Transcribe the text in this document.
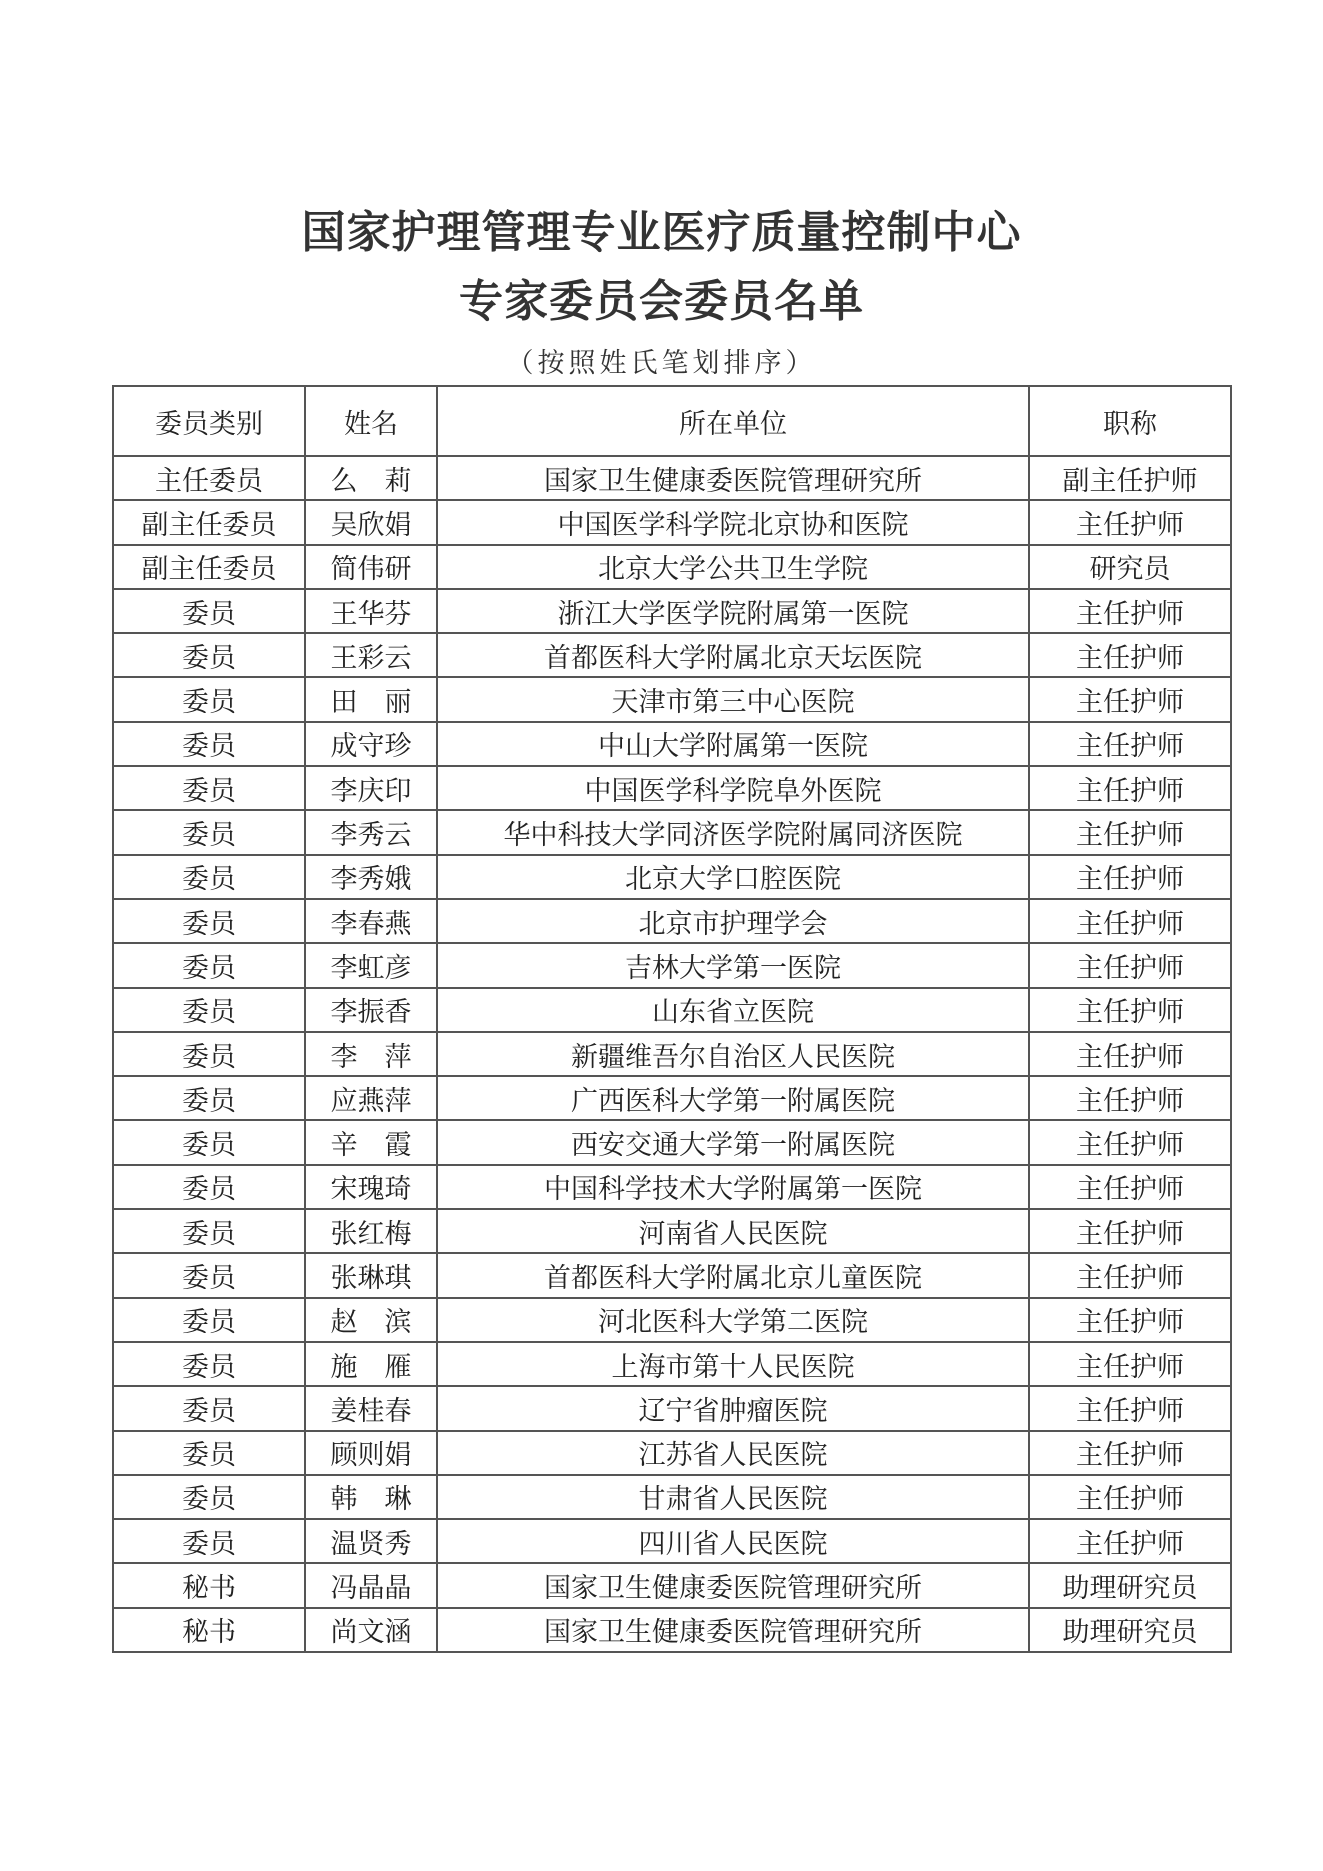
国家护理管理专业医疗质量控制中心
专家委员会委员名单
（按照姓氏笔划排序）
委员类别	姓名	所在单位	职称
主任委员	么　莉	国家卫生健康委医院管理研究所	副主任护师
副主任委员	吴欣娟	中国医学科学院北京协和医院	主任护师
副主任委员	简伟研	北京大学公共卫生学院	研究员
委员	王华芬	浙江大学医学院附属第一医院	主任护师
委员	王彩云	首都医科大学附属北京天坛医院	主任护师
委员	田　丽	天津市第三中心医院	主任护师
委员	成守珍	中山大学附属第一医院	主任护师
委员	李庆印	中国医学科学院阜外医院	主任护师
委员	李秀云	华中科技大学同济医学院附属同济医院	主任护师
委员	李秀娥	北京大学口腔医院	主任护师
委员	李春燕	北京市护理学会	主任护师
委员	李虹彦	吉林大学第一医院	主任护师
委员	李振香	山东省立医院	主任护师
委员	李　萍	新疆维吾尔自治区人民医院	主任护师
委员	应燕萍	广西医科大学第一附属医院	主任护师
委员	辛　霞	西安交通大学第一附属医院	主任护师
委员	宋瑰琦	中国科学技术大学附属第一医院	主任护师
委员	张红梅	河南省人民医院	主任护师
委员	张琳琪	首都医科大学附属北京儿童医院	主任护师
委员	赵　滨	河北医科大学第二医院	主任护师
委员	施　雁	上海市第十人民医院	主任护师
委员	姜桂春	辽宁省肿瘤医院	主任护师
委员	顾则娟	江苏省人民医院	主任护师
委员	韩　琳	甘肃省人民医院	主任护师
委员	温贤秀	四川省人民医院	主任护师
秘书	冯晶晶	国家卫生健康委医院管理研究所	助理研究员
秘书	尚文涵	国家卫生健康委医院管理研究所	助理研究员
